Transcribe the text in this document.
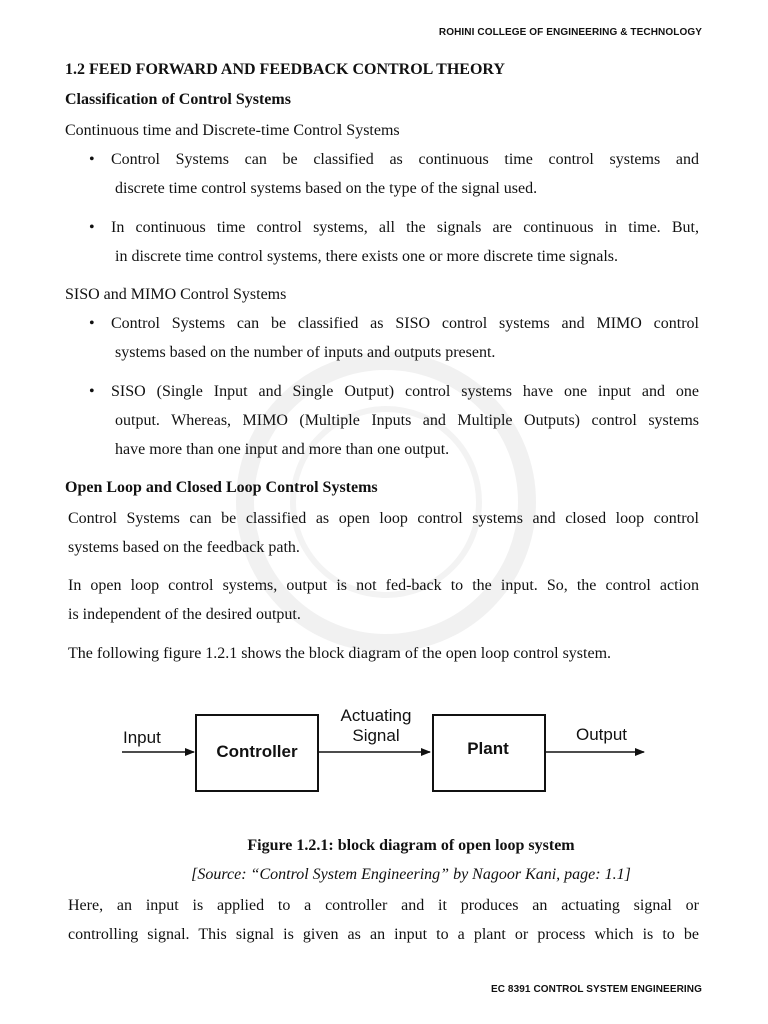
ROHINI COLLEGE OF ENGINEERING & TECHNOLOGY
EC 8391 CONTROL SYSTEM ENGINEERING
1.2 FEED FORWARD AND FEEDBACK CONTROL THEORY
Classification of Control Systems
Continuous time and Discrete-time Control Systems
• Control Systems can be classified as continuous time control systems and
discrete time control systems based on the type of the signal used.
• In continuous time control systems, all the signals are continuous in time. But,
in discrete time control systems, there exists one or more discrete time signals.
SISO and MIMO Control Systems
• Control Systems can be classified as SISO control systems and MIMO control
systems based on the number of inputs and outputs present.
• SISO (Single Input and Single Output) control systems have one input and one
output. Whereas, MIMO (Multiple Inputs and Multiple Outputs) control systems
have more than one input and more than one output.
Open Loop and Closed Loop Control Systems
Control Systems can be classified as open loop control systems and closed loop control
systems based on the feedback path.
In open loop control systems, output is not fed-back to the input. So, the control action
is independent of the desired output.
The following figure 1.2.1 shows the block diagram of the open loop control system.
Input
Controller
Actuating
Signal
Plant
Output
Figure 1.2.1: block diagram of open loop system
[Source: “Control System Engineering” by Nagoor Kani, page: 1.1]
Here, an input is applied to a controller and it produces an actuating signal or
controlling signal. This signal is given as an input to a plant or process which is to be
